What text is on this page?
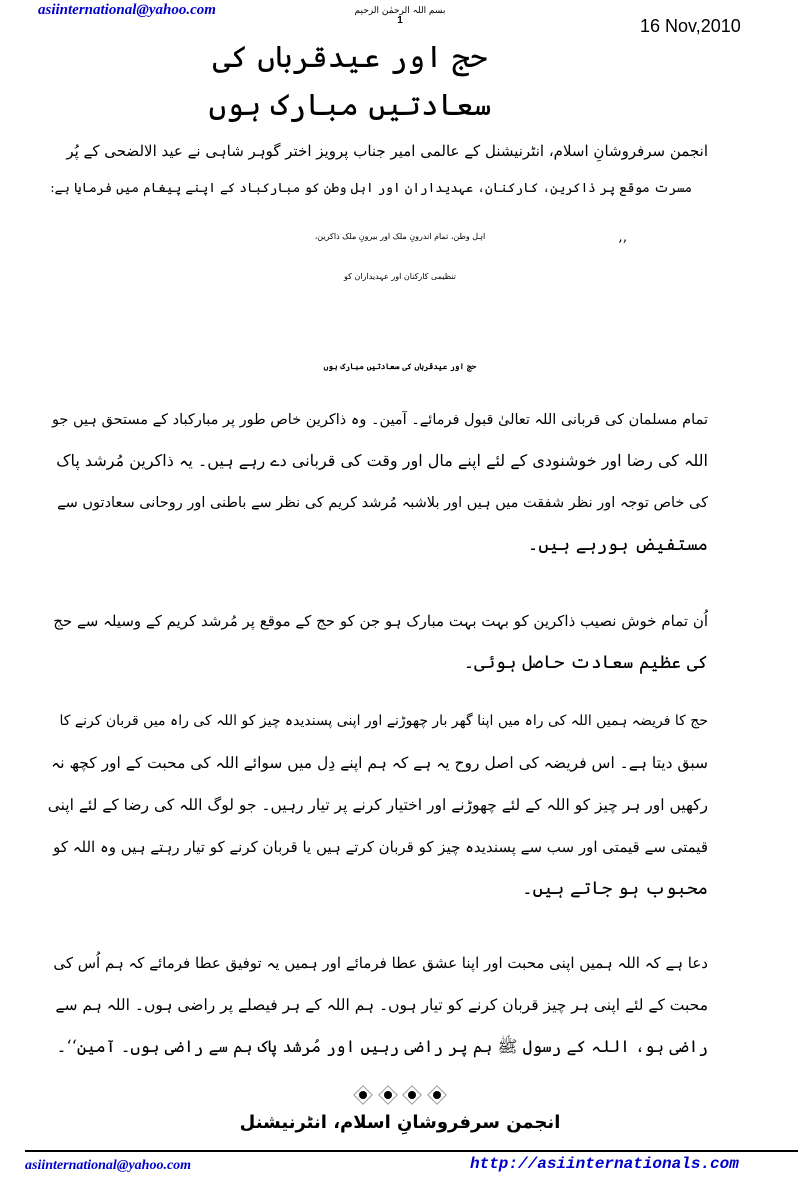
asiinternational@yahoo.com	بسم اللہ الرحمٰن الرحیم
1	16 Nov,2010
حج اور عیدقرباں کی سعادتیں مبارک ہوں
انجمن سرفروشانِ اسلام، انٹرنیشنل کے عالمی امیر جناب پرویز اختر گوہر شاہی نے عید الالضحی کے پُر
مسرت موقع پر ذاکرین، کارکنان، عہدیداران اور اہل وطن کو مبارکباد کے اپنے پیغام میں فرمایا ہے:
’’
اہل وطن، تمام اندرونِ ملک اور بیرونِ ملک ذاکرین،
تنظیمی کارکنان اور عہدیداران کو
حج اور عیدقرباں کی سعادتیں مبارک ہوں
تمام مسلمان کی قربانی اللہ تعالیٰ قبول فرمائے۔ آمین۔ وہ ذاکرین خاص طور پر مبارکباد کے مستحق ہیں جو
اللہ کی رضا اور خوشنودی کے لئے اپنے مال اور وقت کی قربانی دے رہے ہیں۔ یہ ذاکرین مُرشد پاک
کی خاص توجہ اور نظر شفقت میں ہیں اور بلاشبہ مُرشد کریم کی نظر سے باطنی اور روحانی سعادتوں سے
مستفیض ہورہے ہیں۔
اُن تمام خوش نصیب ذاکرین کو بہت بہت مبارک ہو جن کو حج کے موقع پر مُرشد کریم کے وسیلہ سے حج
کی عظیم سعادت حاصل ہوئی۔
حج کا فریضہ ہمیں اللہ کی راہ میں اپنا گھر بار چھوڑنے اور اپنی پسندیدہ چیز کو اللہ کی راہ میں قربان کرنے کا
سبق دیتا ہے۔ اس فریضہ کی اصل روح یہ ہے کہ ہم اپنے دِل میں سوائے اللہ کی محبت کے اور کچھ نہ
رکھیں اور ہر چیز کو اللہ کے لئے چھوڑنے اور اختیار کرنے پر تیار رہیں۔ جو لوگ اللہ کی رضا کے لئے اپنی
قیمتی سے قیمتی اور سب سے پسندیدہ چیز کو قربان کرتے ہیں یا قربان کرنے کو تیار رہتے ہیں وہ اللہ کو
محبوب ہو جاتے ہیں۔
دعا ہے کہ اللہ ہمیں اپنی محبت اور اپنا عشق عطا فرمائے اور ہمیں یہ توفیق عطا فرمائے کہ ہم اُس کی
محبت کے لئے اپنی ہر چیز قربان کرنے کو تیار ہوں۔ ہم اللہ کے ہر فیصلے پر راضی ہوں۔ اللہ ہم سے
راضی ہو، اللہ کے رسول ﷺ ہم پر راضی رہیں اور مُرشد پاک ہم سے راضی ہوں۔ آمین‘‘۔
انجمن سرفروشانِ اسلام، انٹرنیشنل
asiinternational@yahoo.com	http://asiinternationals.com
